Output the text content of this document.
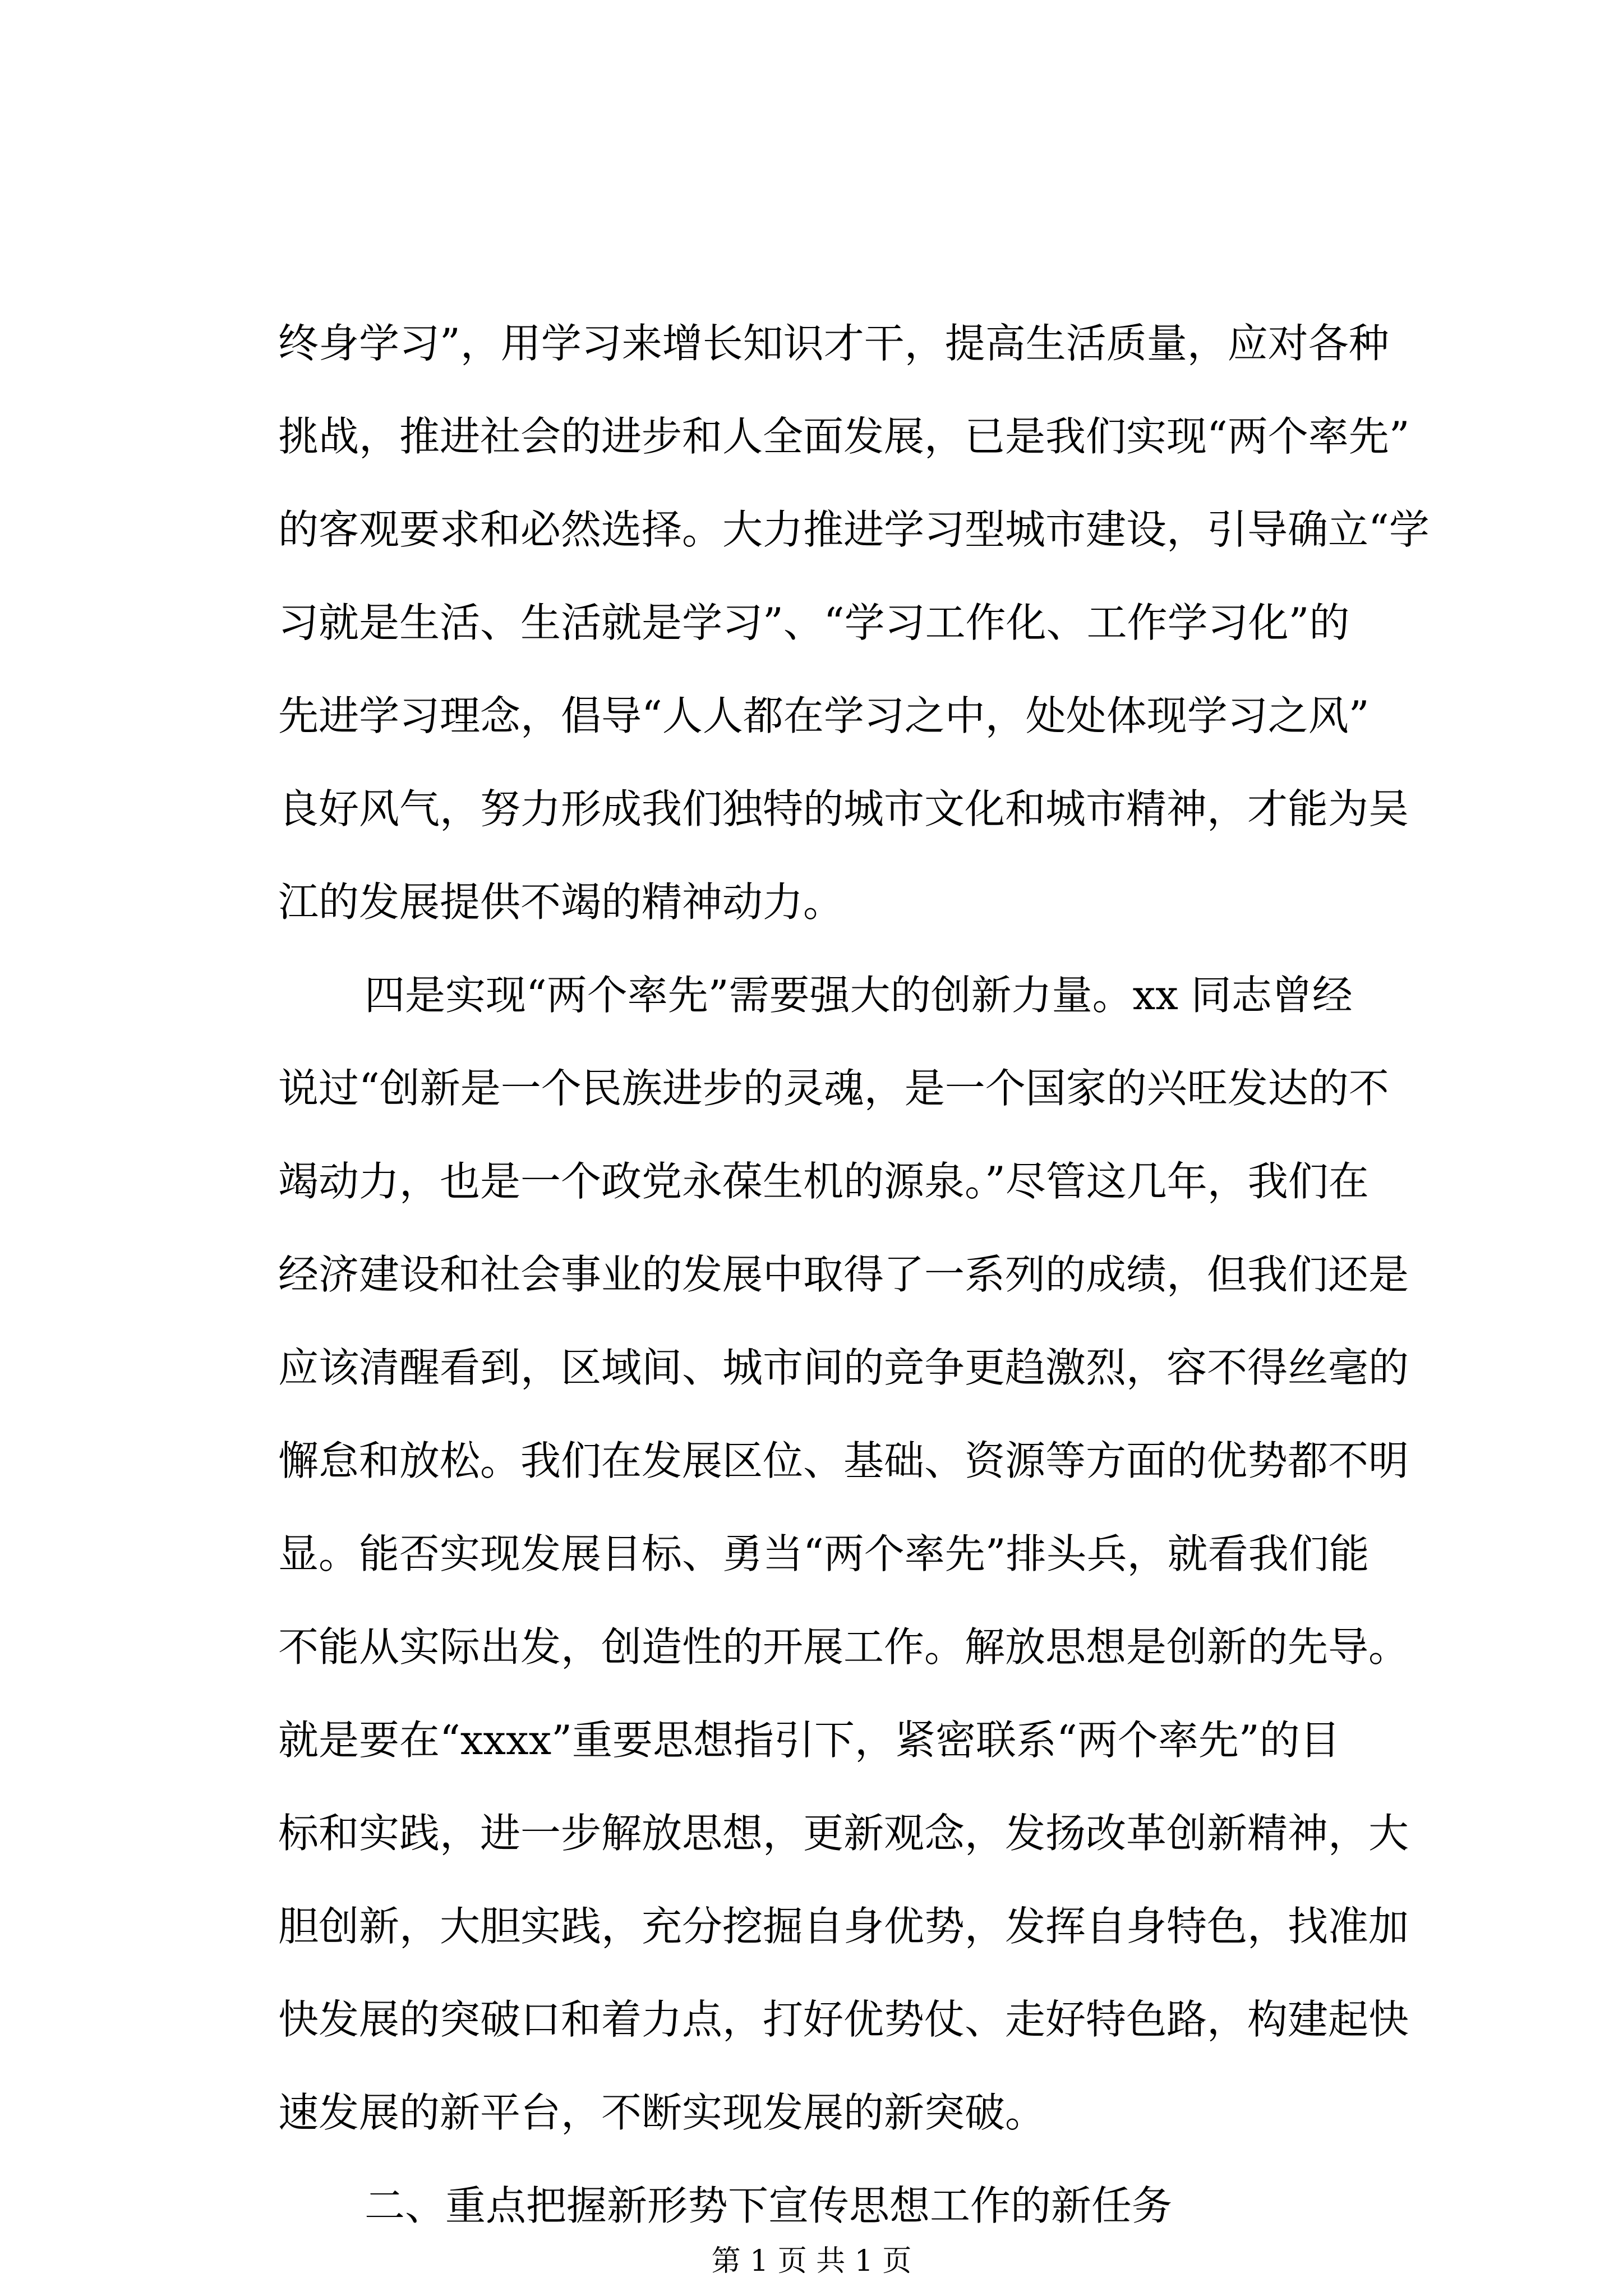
终身学习”，用学习来增长知识才干，提高生活质量，应对各种
挑战，推进社会的进步和人全面发展，已是我们实现“两个率先”
的客观要求和必然选择。大力推进学习型城市建设，引导确立“学
习就是生活、生活就是学习”、“学习工作化、工作学习化”的
先进学习理念，倡导“人人都在学习之中，处处体现学习之风”
良好风气，努力形成我们独特的城市文化和城市精神，才能为吴
江的发展提供不竭的精神动力。
四是实现“两个率先”需要强大的创新力量。xx 同志曾经
说过“创新是一个民族进步的灵魂，是一个国家的兴旺发达的不
竭动力，也是一个政党永葆生机的源泉。”尽管这几年，我们在
经济建设和社会事业的发展中取得了一系列的成绩，但我们还是
应该清醒看到，区域间、城市间的竞争更趋激烈，容不得丝毫的
懈怠和放松。我们在发展区位、基础、资源等方面的优势都不明
显。能否实现发展目标、勇当“两个率先”排头兵，就看我们能
不能从实际出发，创造性的开展工作。解放思想是创新的先导。
就是要在“xxxx”重要思想指引下，紧密联系“两个率先”的目
标和实践，进一步解放思想，更新观念，发扬改革创新精神，大
胆创新，大胆实践，充分挖掘自身优势，发挥自身特色，找准加
快发展的突破口和着力点，打好优势仗、走好特色路，构建起快
速发展的新平台，不断实现发展的新突破。
二、重点把握新形势下宣传思想工作的新任务
第 1 页 共 1 页
